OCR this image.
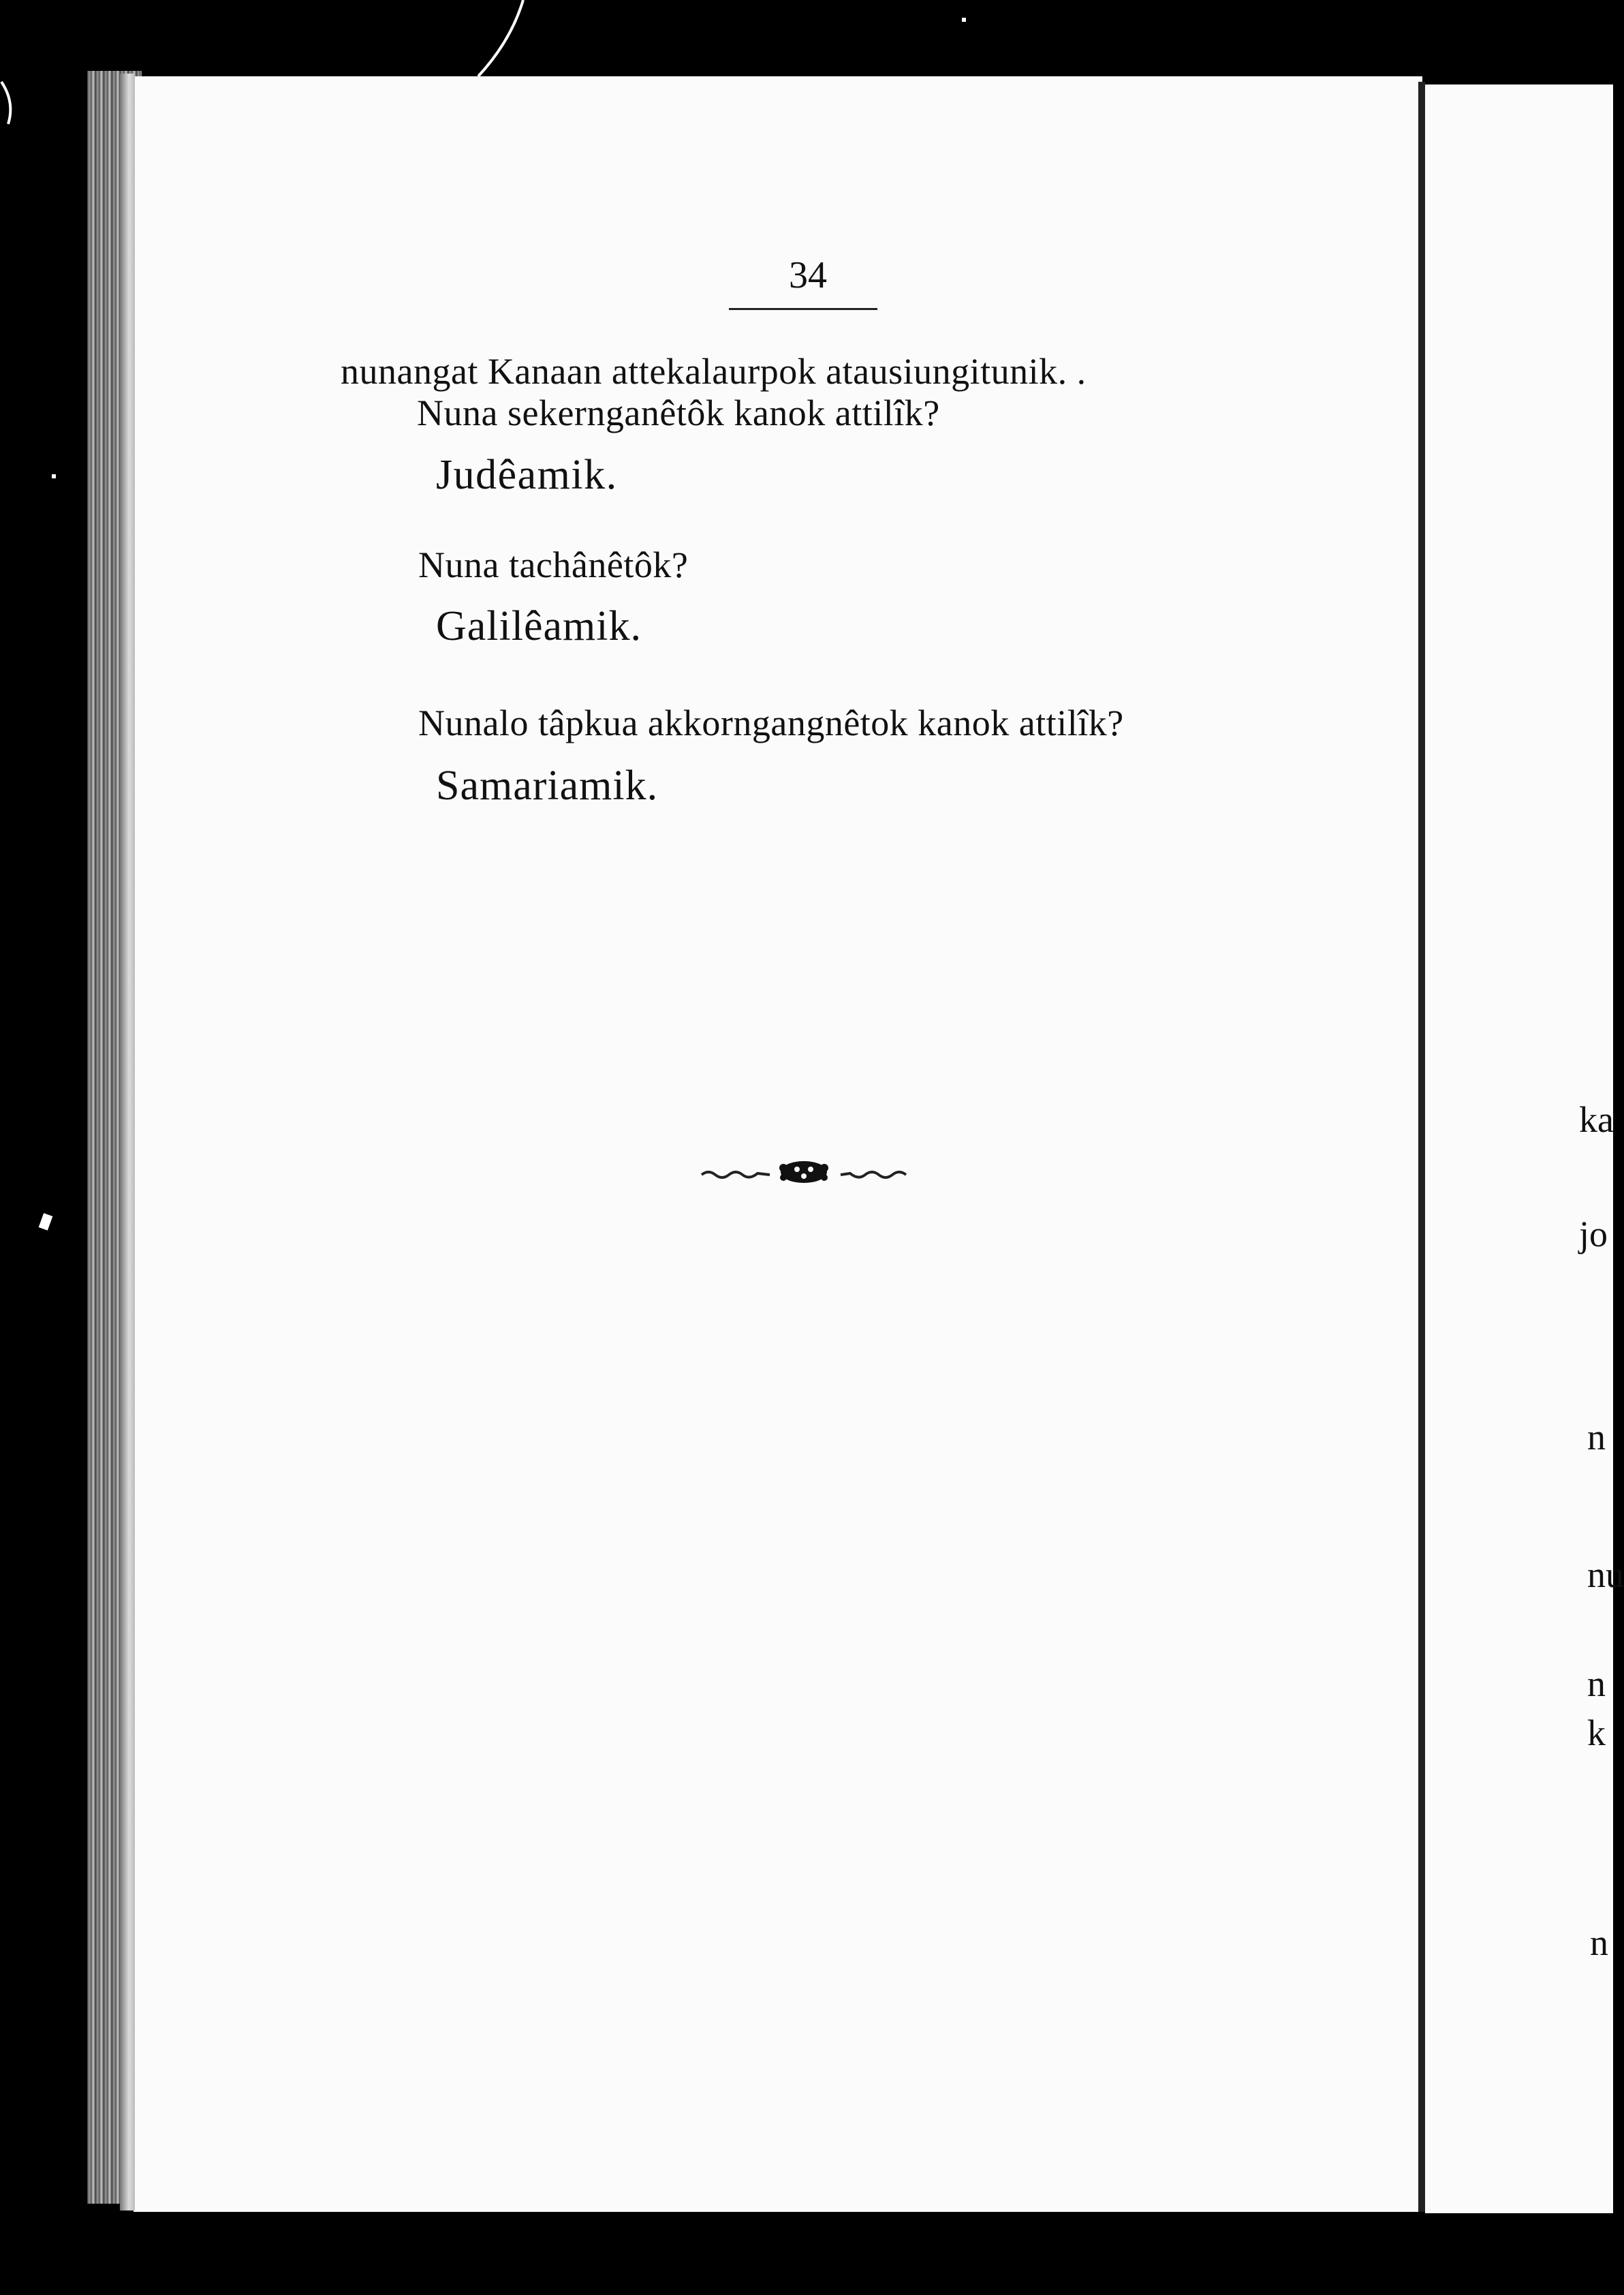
34
nunangat Kanaan attekalaurpok atausiungitunik. .
Nuna sekernganêtôk kanok attilîk?
Judêamik.
Nuna tachânêtôk?
Galilêamik.
Nunalo tâpkua akkorngangnêtok kanok attilîk?
Samariamik.
ka
jo
n
nu
n
k
n
